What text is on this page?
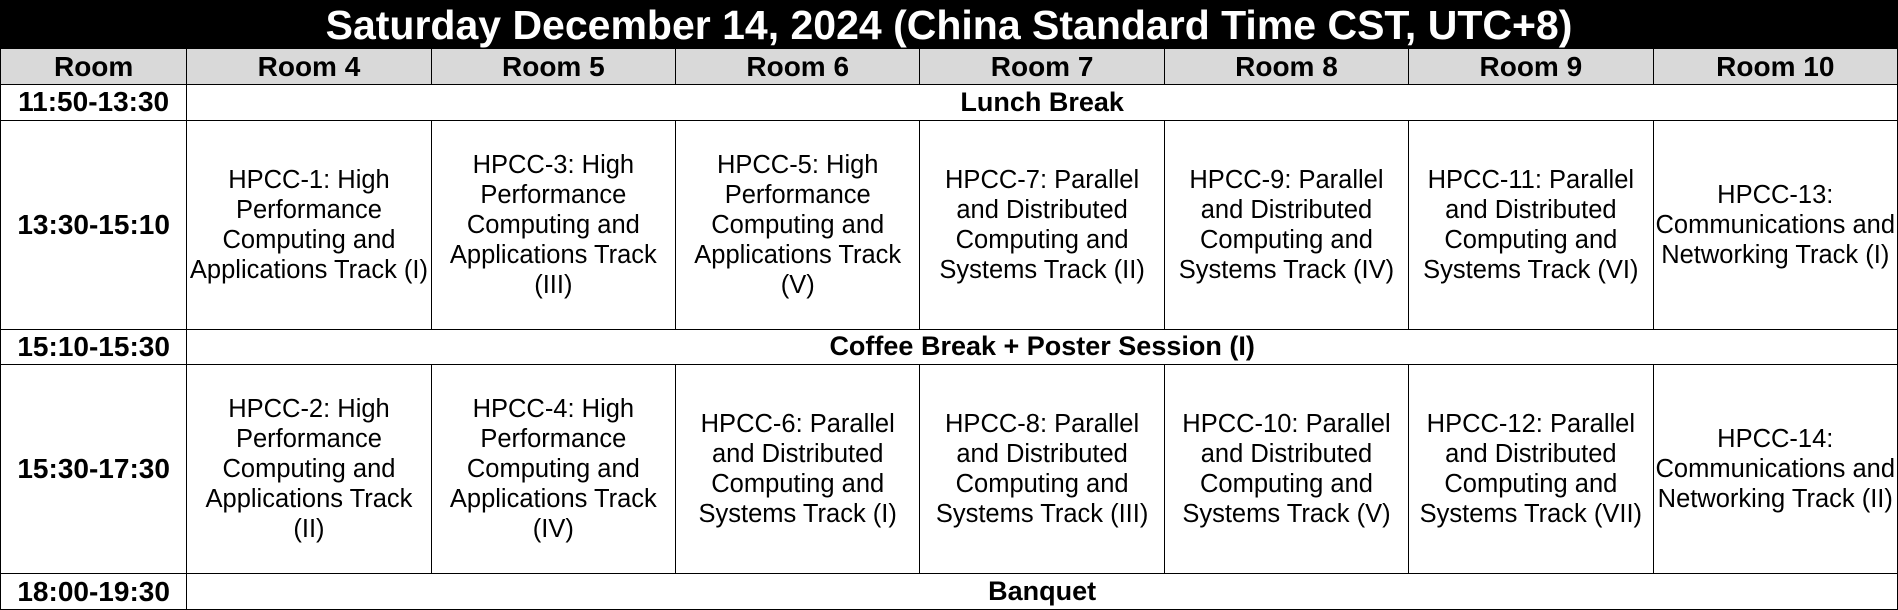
Saturday December 14, 2024 (China Standard Time CST, UTC+8)							
Room	Room 4	Room 5	Room 6	Room 7	Room 8	Room 9	Room 10
11:50-13:30	Lunch Break						
13:30-15:10	HPCC-1: High Performance Computing and Applications Track (I)	HPCC-3: High Performance Computing and Applications Track (III)	HPCC-5: High Performance Computing and Applications Track (V)	HPCC-7: Parallel and Distributed Computing and Systems Track (II)	HPCC-9: Parallel and Distributed Computing and Systems Track (IV)	HPCC-11: Parallel and Distributed Computing and Systems Track (VI)	HPCC-13: Communications and Networking Track (I)
15:10-15:30	Coffee Break + Poster Session (I)						
15:30-17:30	HPCC-2: High Performance Computing and Applications Track (II)	HPCC-4: High Performance Computing and Applications Track (IV)	HPCC-6: Parallel and Distributed Computing and Systems Track (I)	HPCC-8: Parallel and Distributed Computing and Systems Track (III)	HPCC-10: Parallel and Distributed Computing and Systems Track (V)	HPCC-12: Parallel and Distributed Computing and Systems Track (VII)	HPCC-14: Communications and Networking Track (II)
18:00-19:30	Banquet						
